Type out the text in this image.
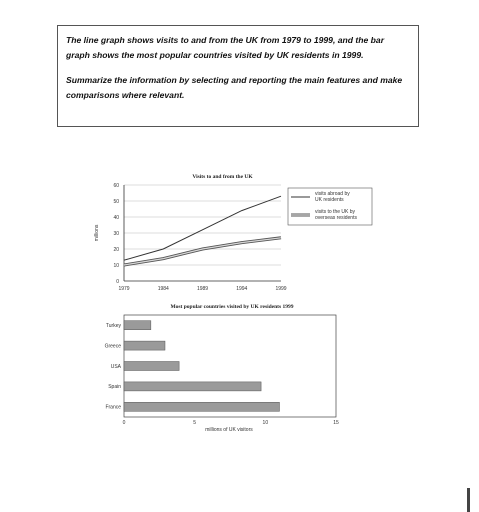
The line graph shows visits to and from the UK from 1979 to 1999, and the bar graph shows the most popular countries visited by UK residents in 1999.

Summarize the information by selecting and reporting the main features and make comparisons where relevant.

Visits to and from the UK
0
10
20
30
40
50
60
1979	1984	1989	1994	1999
millions
visits abroad by
UK residents
visits to the UK by
overseas residents
Most popular countries visited by UK residents 1999
Turkey
Greece
USA
Spain
France
0	5	10	15
millions of UK visitors
